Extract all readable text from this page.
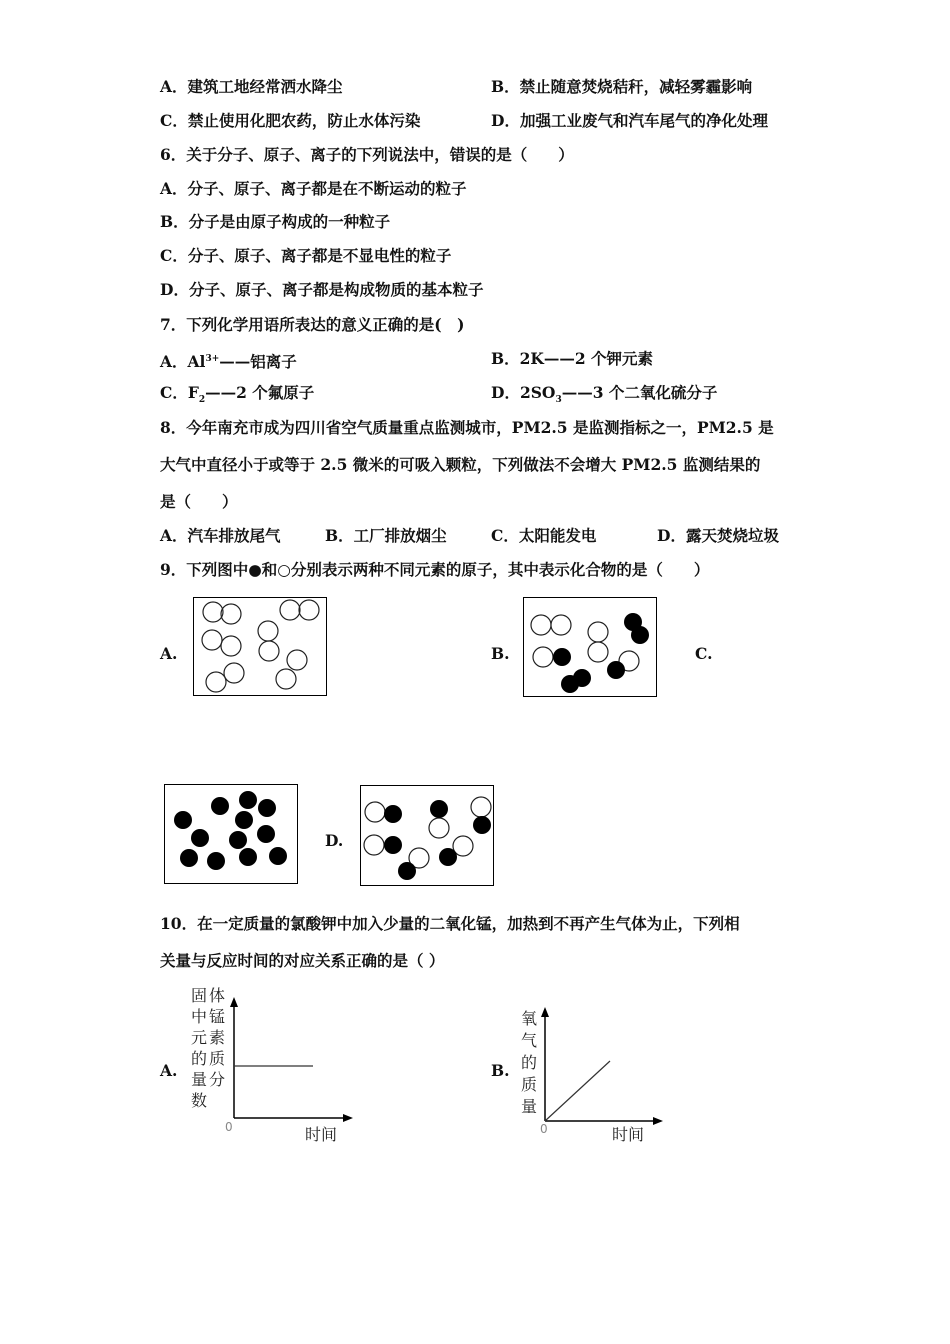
A．建筑工地经常洒水降尘	B．禁止随意焚烧秸秆，减轻雾霾影响
C．禁止使用化肥农药，防止水体污染	D．加强工业废气和汽车尾气的净化处理
6．关于分子、原子、离子的下列说法中，错误的是（　　）
A．分子、原子、离子都是在不断运动的粒子
B．分子是由原子构成的一种粒子
C．分子、原子、离子都是不显电性的粒子
D．分子、原子、离子都是构成物质的基本粒子
7．下列化学用语所表达的意义正确的是(　)
A．$Al^{3+}——$铝离子	B．2K——2 个钾元素
C．$F_2——2$ 个氟原子	D．$2SO_3——3$ 个二氧化硫分子
8．今年南充市成为四川省空气质量重点监测城市，PM2.5 是监测指标之一，PM2.5 是
大气中直径小于或等于 2.5 微米的可吸入颗粒，下列做法不会增大 PM2.5 监测结果的
是（　　）
A．汽车排放尾气	B．工厂排放烟尘	C．太阳能发电	D．露天焚烧垃圾
9．下列图中●和○分别表示两种不同元素的原子，其中表示化合物的是（　　）
A.	B.	C.
D.
10．在一定质量的氯酸钾中加入少量的二氧化锰，加热到不再产生气体为止，下列相
关量与反应时间的对应关系正确的是（ ）
A.	B.
固中元的量数
体锰素质分
0	时间
氧气的质量
0	时间
